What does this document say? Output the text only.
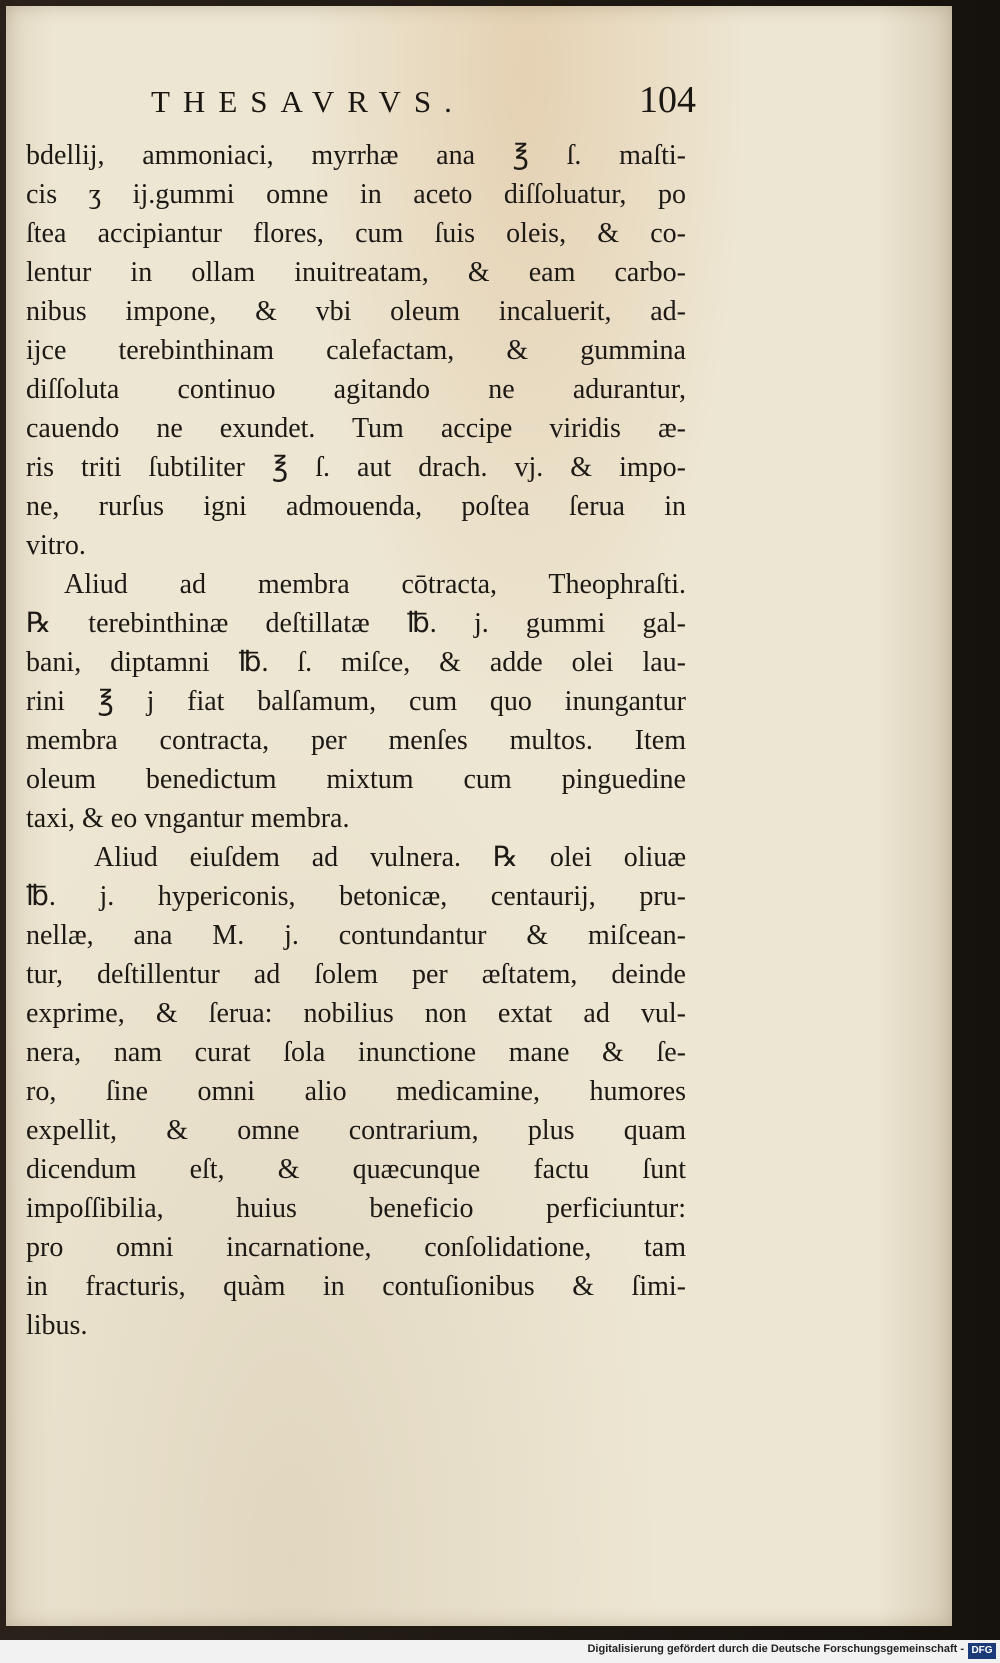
THESAVRVS.	104
bdellij, ammoniaci, myrrhæ ana ℥ ſ. maſti-
cis ʒ ij.gummi omne in aceto diſſoluatur, po
ſtea accipiantur flores, cum ſuis oleis, & co-
lentur in ollam inuitreatam, & eam carbo-
nibus impone, & vbi oleum incaluerit, ad-
ijce terebinthinam calefactam, & gummina
diſſoluta continuo agitando ne adurantur,
cauendo ne exundet. Tum accipe viridis æ-
ris triti ſubtiliter ℥ ſ. aut drach. vj. & impo-
ne, rurſus igni admouenda, poſtea ſerua in
vitro.
Aliud ad membra cōtracta, Theophraſti.
℞ terebinthinæ deſtillatæ ℔. j. gummi gal-
bani, diptamni ℔. ſ. miſce, & adde olei lau-
rini ℥ j fiat balſamum, cum quo inungantur
membra contracta, per menſes multos. Item
oleum benedictum mixtum cum pinguedine
taxi, & eo vngantur membra.
Aliud eiuſdem ad vulnera. ℞ olei oliuæ
℔. j. hypericonis, betonicæ, centaurij, pru-
nellæ, ana M. j. contundantur & miſcean-
tur, deſtillentur ad ſolem per æſtatem, deinde
exprime, & ſerua: nobilius non extat ad vul-
nera, nam curat ſola inunctione mane & ſe-
ro, ſine omni alio medicamine, humores
expellit, & omne contrarium, plus quam
dicendum eſt, & quæcunque factu ſunt
impoſſibilia, huius beneficio perficiuntur:
pro omni incarnatione, conſolidatione, tam
in fracturis, quàm in contuſionibus & ſimi-
libus.
Digitalisierung gefördert durch die Deutsche Forschungsgemeinschaft - DFG
